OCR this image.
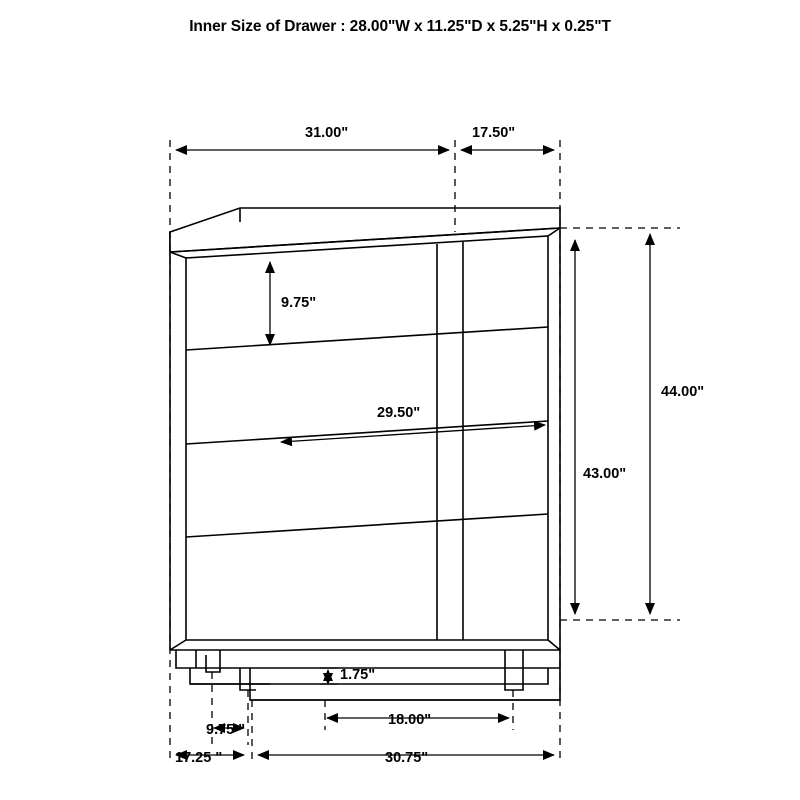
Inner Size of Drawer : 28.00"W x 11.25"D x 5.25"H x 0.25"T
31.00"	17.50"
9.75"
29.50"
44.00"
43.00"
1.75"
9.75 "
18.00"
17.25 "	30.75"
